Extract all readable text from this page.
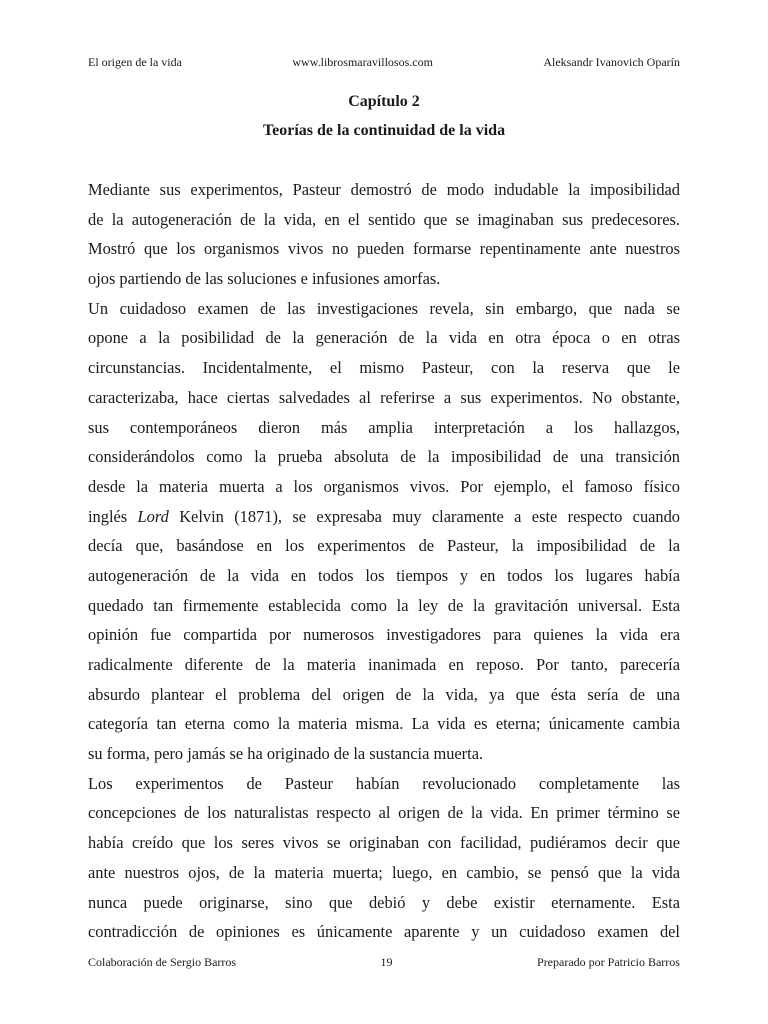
El origen de la vida	www.librosmaravillosos.com	Aleksandr Ivanovich Oparín
Capítulo 2
Teorías de la continuidad de la vida
Mediante sus experimentos, Pasteur demostró de modo indudable la imposibilidad
de la autogeneración de la vida, en el sentido que se imaginaban sus predecesores.
Mostró que los organismos vivos no pueden formarse repentinamente ante nuestros
ojos partiendo de las soluciones e infusiones amorfas.
Un cuidadoso examen de las investigaciones revela, sin embargo, que nada se
opone a la posibilidad de la generación de la vida en otra época o en otras
circunstancias. Incidentalmente, el mismo Pasteur, con la reserva que le
caracterizaba, hace ciertas salvedades al referirse a sus experimentos. No obstante,
sus contemporáneos dieron más amplia interpretación a los hallazgos,
considerándolos como la prueba absoluta de la imposibilidad de una transición
desde la materia muerta a los organismos vivos. Por ejemplo, el famoso físico
inglés Lord Kelvin (1871), se expresaba muy claramente a este respecto cuando
decía que, basándose en los experimentos de Pasteur, la imposibilidad de la
autogeneración de la vida en todos los tiempos y en todos los lugares había
quedado tan firmemente establecida como la ley de la gravitación universal. Esta
opinión fue compartida por numerosos investigadores para quienes la vida era
radicalmente diferente de la materia inanimada en reposo. Por tanto, parecería
absurdo plantear el problema del origen de la vida, ya que ésta sería de una
categoría tan eterna como la materia misma. La vida es eterna; únicamente cambia
su forma, pero jamás se ha originado de la sustancia muerta.
Los experimentos de Pasteur habían revolucionado completamente las
concepciones de los naturalistas respecto al origen de la vida. En primer término se
había creído que los seres vivos se originaban con facilidad, pudiéramos decir que
ante nuestros ojos, de la materia muerta; luego, en cambio, se pensó que la vida
nunca puede originarse, sino que debió y debe existir eternamente. Esta
contradicción de opiniones es únicamente aparente y un cuidadoso examen del
Colaboración de Sergio Barros	19	Preparado por Patricio Barros
